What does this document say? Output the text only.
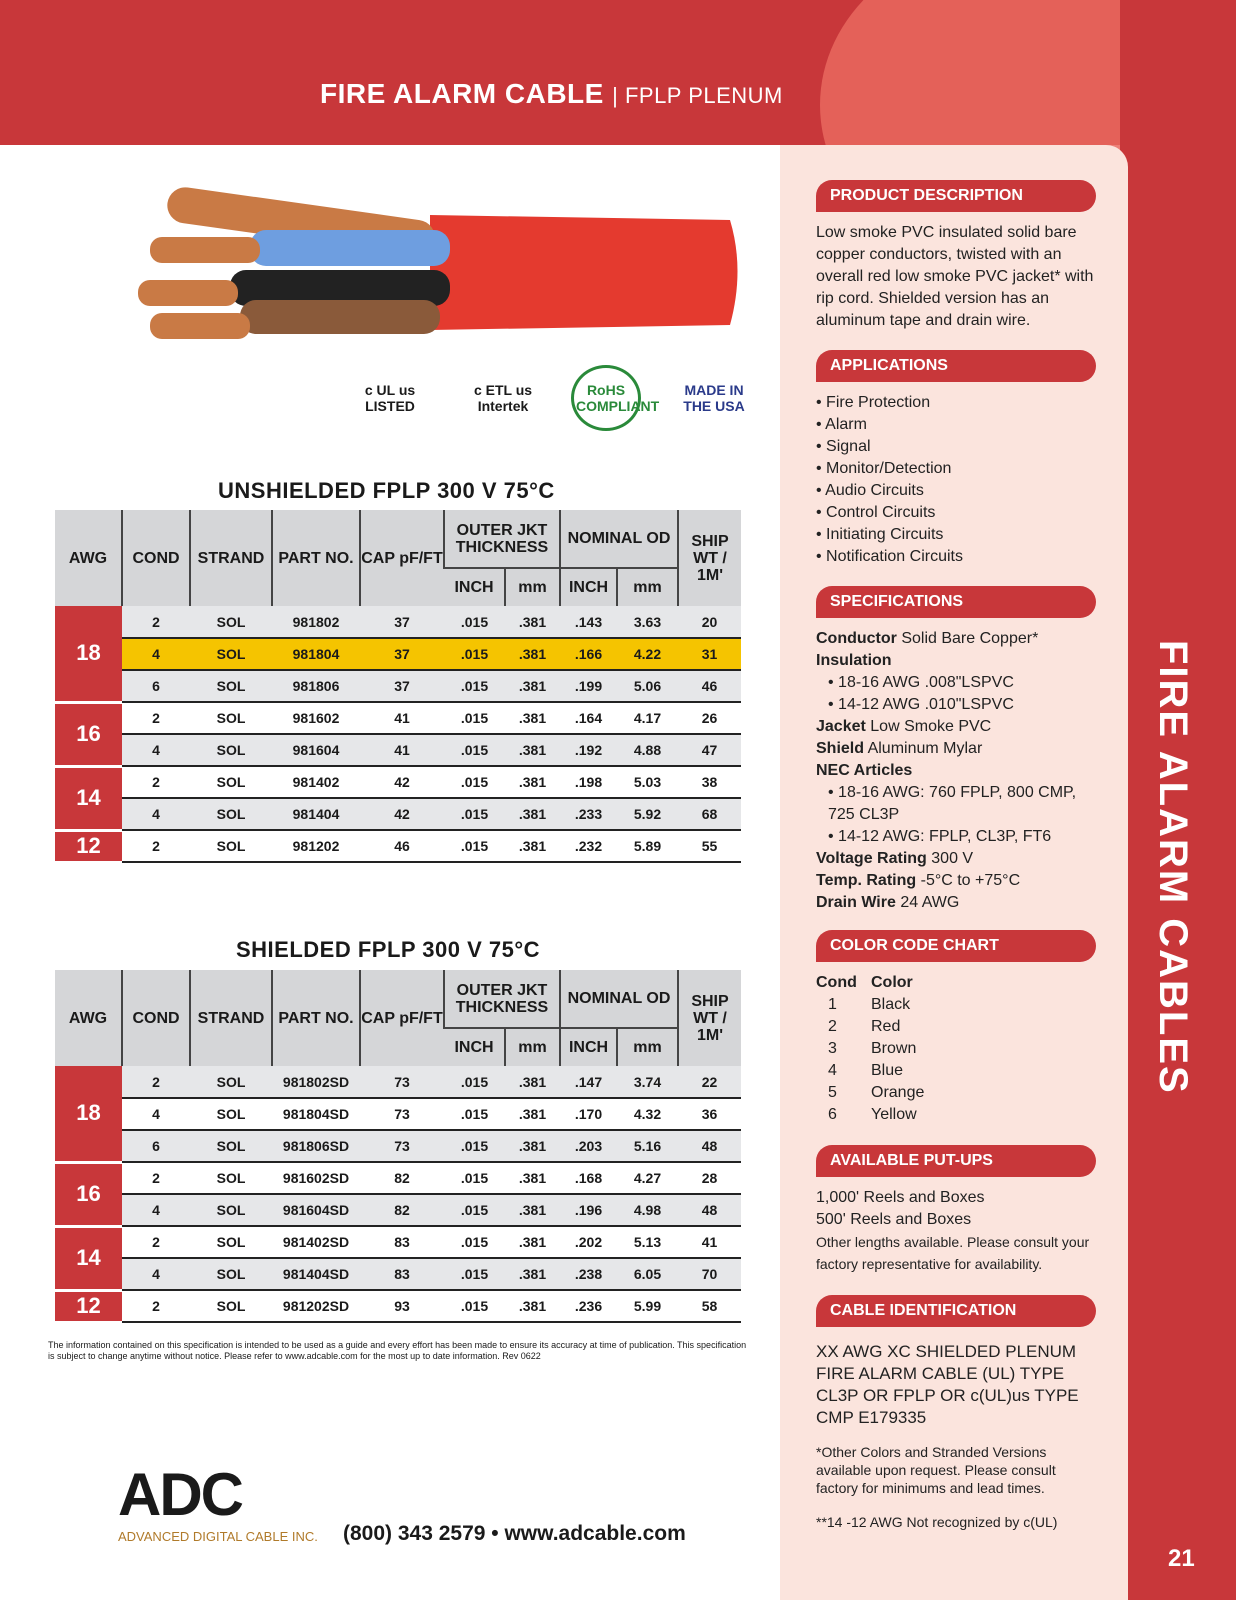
FIRE ALARM CABLE | FPLP PLENUM
FIRE ALARM CABLES
21
c UL us LISTED
c ETL us Intertek
RoHS COMPLIANT
MADE IN THE USA
UNSHIELDED FPLP 300 V 75°C
AWG	COND	STRAND	PART NO.	CAP pF/FT	OUTER JKT THICKNESS		NOMINAL OD		SHIP WT / 1M'
					INCH	mm	INCH	mm	
18	2	SOL	981802	37	.015	.381	.143	3.63	20
	4	SOL	981804	37	.015	.381	.166	4.22	31
	6	SOL	981806	37	.015	.381	.199	5.06	46
16	2	SOL	981602	41	.015	.381	.164	4.17	26
	4	SOL	981604	41	.015	.381	.192	4.88	47
14	2	SOL	981402	42	.015	.381	.198	5.03	38
	4	SOL	981404	42	.015	.381	.233	5.92	68
12	2	SOL	981202	46	.015	.381	.232	5.89	55
SHIELDED FPLP 300 V 75°C
AWG	COND	STRAND	PART NO.	CAP pF/FT	OUTER JKT THICKNESS		NOMINAL OD		SHIP WT / 1M'
					INCH	mm	INCH	mm	
18	2	SOL	981802SD	73	.015	.381	.147	3.74	22
	4	SOL	981804SD	73	.015	.381	.170	4.32	36
	6	SOL	981806SD	73	.015	.381	.203	5.16	48
16	2	SOL	981602SD	82	.015	.381	.168	4.27	28
	4	SOL	981604SD	82	.015	.381	.196	4.98	48
14	2	SOL	981402SD	83	.015	.381	.202	5.13	41
	4	SOL	981404SD	83	.015	.381	.238	6.05	70
12	2	SOL	981202SD	93	.015	.381	.236	5.99	58
The information contained on this specification is intended to be used as a guide and every effort has been made to ensure its accuracy at time of publication. This specification is subject to change anytime without notice. Please refer to www.adcable.com for the most up to date information. Rev 0622
ADC
ADVANCED DIGITAL CABLE INC. (800) 343 2579 • www.adcable.com
PRODUCT DESCRIPTION
Low smoke PVC insulated solid bare copper conductors, twisted with an overall red low smoke PVC jacket* with rip cord. Shielded version has an aluminum tape and drain wire.
APPLICATIONS
• Fire Protection
• Alarm
• Signal
• Monitor/Detection
• Audio Circuits
• Control Circuits
• Initiating Circuits
• Notification Circuits
SPECIFICATIONS
Conductor Solid Bare Copper*
Insulation
• 18-16 AWG .008"LSPVC
• 14-12 AWG .010"LSPVC
Jacket Low Smoke PVC
Shield Aluminum Mylar
NEC Articles
• 18-16 AWG: 760 FPLP, 800 CMP, 725 CL3P
• 14-12 AWG: FPLP, CL3P, FT6
Voltage Rating 300 V
Temp. Rating -5°C to +75°C
Drain Wire 24 AWG
COLOR CODE CHART
Cond Color
1	Black
2	Red
3	Brown
4	Blue
5	Orange
6	Yellow
AVAILABLE PUT-UPS
1,000' Reels and Boxes
500' Reels and Boxes
Other lengths available. Please consult your factory representative for availability.
CABLE IDENTIFICATION
XX AWG XC SHIELDED PLENUM FIRE ALARM CABLE (UL) TYPE CL3P OR FPLP OR c(UL)us TYPE CMP E179335
*Other Colors and Stranded Versions available upon request. Please consult factory for minimums and lead times.
**14 -12 AWG Not recognized by c(UL)
